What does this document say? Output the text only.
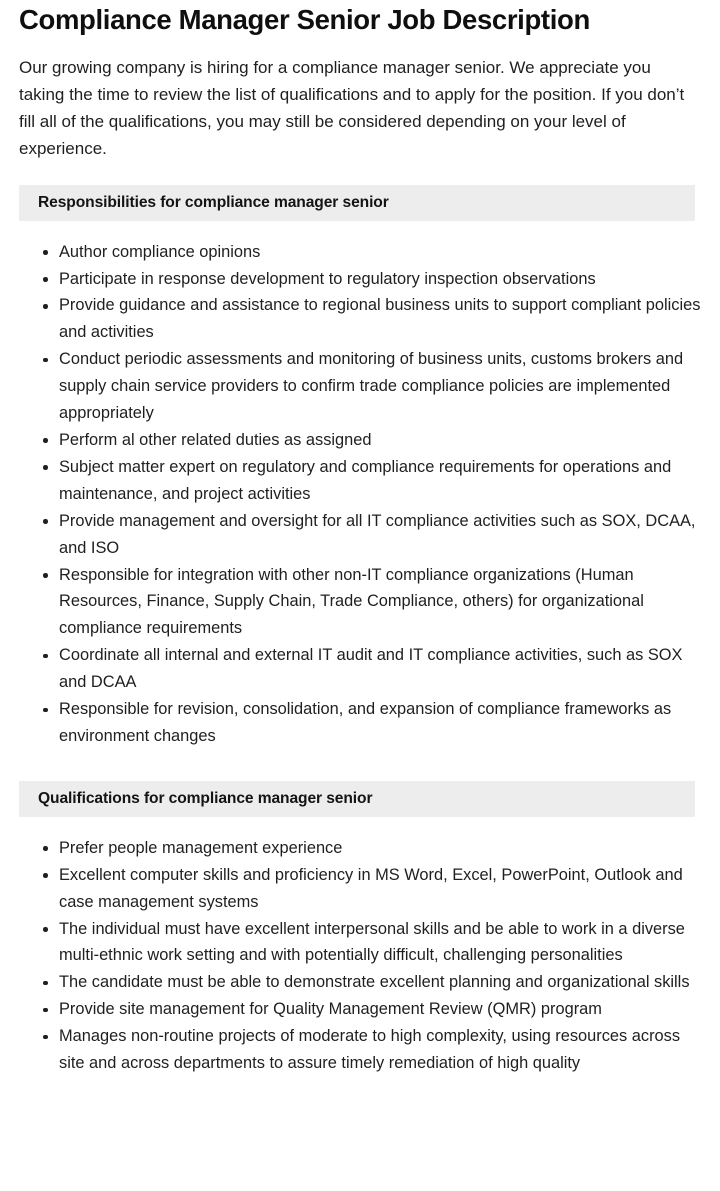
Compliance Manager Senior Job Description

Our growing company is hiring for a compliance manager senior. We appreciate you taking the time to review the list of qualifications and to apply for the position. If you don’t fill all of the qualifications, you may still be considered depending on your level of experience.

Responsibilities for compliance manager senior
Author compliance opinions
Participate in response development to regulatory inspection observations
Provide guidance and assistance to regional business units to support compliant policies and activities
Conduct periodic assessments and monitoring of business units, customs brokers and supply chain service providers to confirm trade compliance policies are implemented appropriately
Perform al other related duties as assigned
Subject matter expert on regulatory and compliance requirements for operations and maintenance, and project activities
Provide management and oversight for all IT compliance activities such as SOX, DCAA, and ISO
Responsible for integration with other non-IT compliance organizations (Human Resources, Finance, Supply Chain, Trade Compliance, others) for organizational compliance requirements
Coordinate all internal and external IT audit and IT compliance activities, such as SOX and DCAA
Responsible for revision, consolidation, and expansion of compliance frameworks as environment changes
Qualifications for compliance manager senior
Prefer people management experience
Excellent computer skills and proficiency in MS Word, Excel, PowerPoint, Outlook and case management systems
The individual must have excellent interpersonal skills and be able to work in a diverse multi-ethnic work setting and with potentially difficult, challenging personalities
The candidate must be able to demonstrate excellent planning and organizational skills
Provide site management for Quality Management Review (QMR) program
Manages non-routine projects of moderate to high complexity, using resources across site and across departments to assure timely remediation of high quality
